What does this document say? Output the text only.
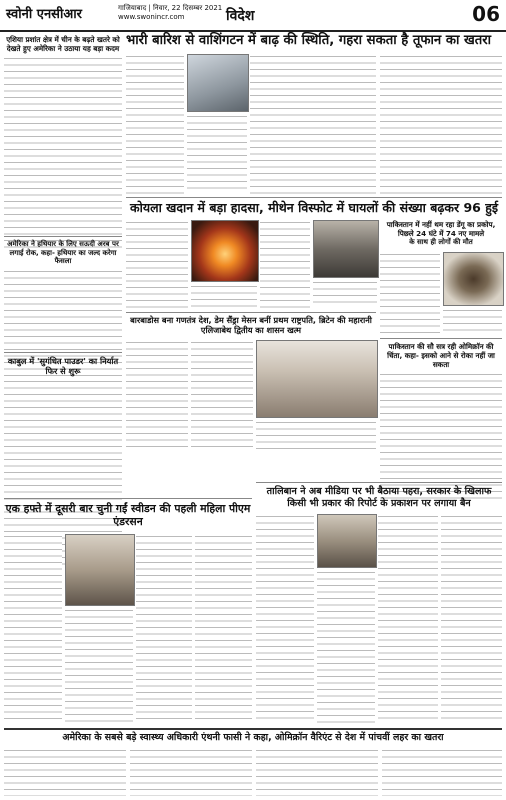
स्वोनी एनसीआर	गाजियाबाद | निवार, 22 दिसम्बर 2021
www.swonincr.com	विदेश	06
एशिया प्रशांत क्षेत्र में चीन के बढ़ते खतरे को देखते हुए अमेरिका ने उठाया यह बड़ा कदम
भारी बारिश से वाशिंगटन में बाढ़ की स्थिति, गहरा सकता है तूफान का खतरा
अमेरिका ने हथियार के लिए सऊदी अरब पर लगाई रोक, कहा- हथियार का जल्द करेगा फैसला
कोयला खदान में बड़ा हादसा, मीथेन विस्फोट में घायलों की संख्या बढ़कर 96 हुई
पाकिस्तान में नहीं थम रहा डेंगू का प्रकोप, पिछले 24 घंटे में 74 नए मामले
के साथ ही लोगों की मौत
बारबाडोस बना गणतंत्र देश, डेम सैंड्रा मेसन बनीं प्रथम राष्ट्रपति, ब्रिटेन की महारानी एलिजाबेथ द्वितीय का शासन खत्म
काबुल में 'सुगंधित पाउडर' का निर्यात फिर से शुरू
पाकिस्तान की सौ सत्र रही ओमिक्रॉन की चिंता, कहा- इसको आने से रोका नहीं जा सकता
एक हफ्ते में दूसरी बार चुनी गईं स्वीडन की पहली महिला पीएम एंडरसन
तालिबान ने अब मीडिया पर भी बैठाया पहरा, सरकार के खिलाफ किसी भी प्रकार की रिपोर्ट के प्रकाशन पर लगाया बैन
अमेरिका के सबसे बड़े स्वास्थ्य अधिकारी एंथनी फासी ने कहा, ओमिक्रॉन वैरिएंट से देश में पांचवीं लहर का खतरा
